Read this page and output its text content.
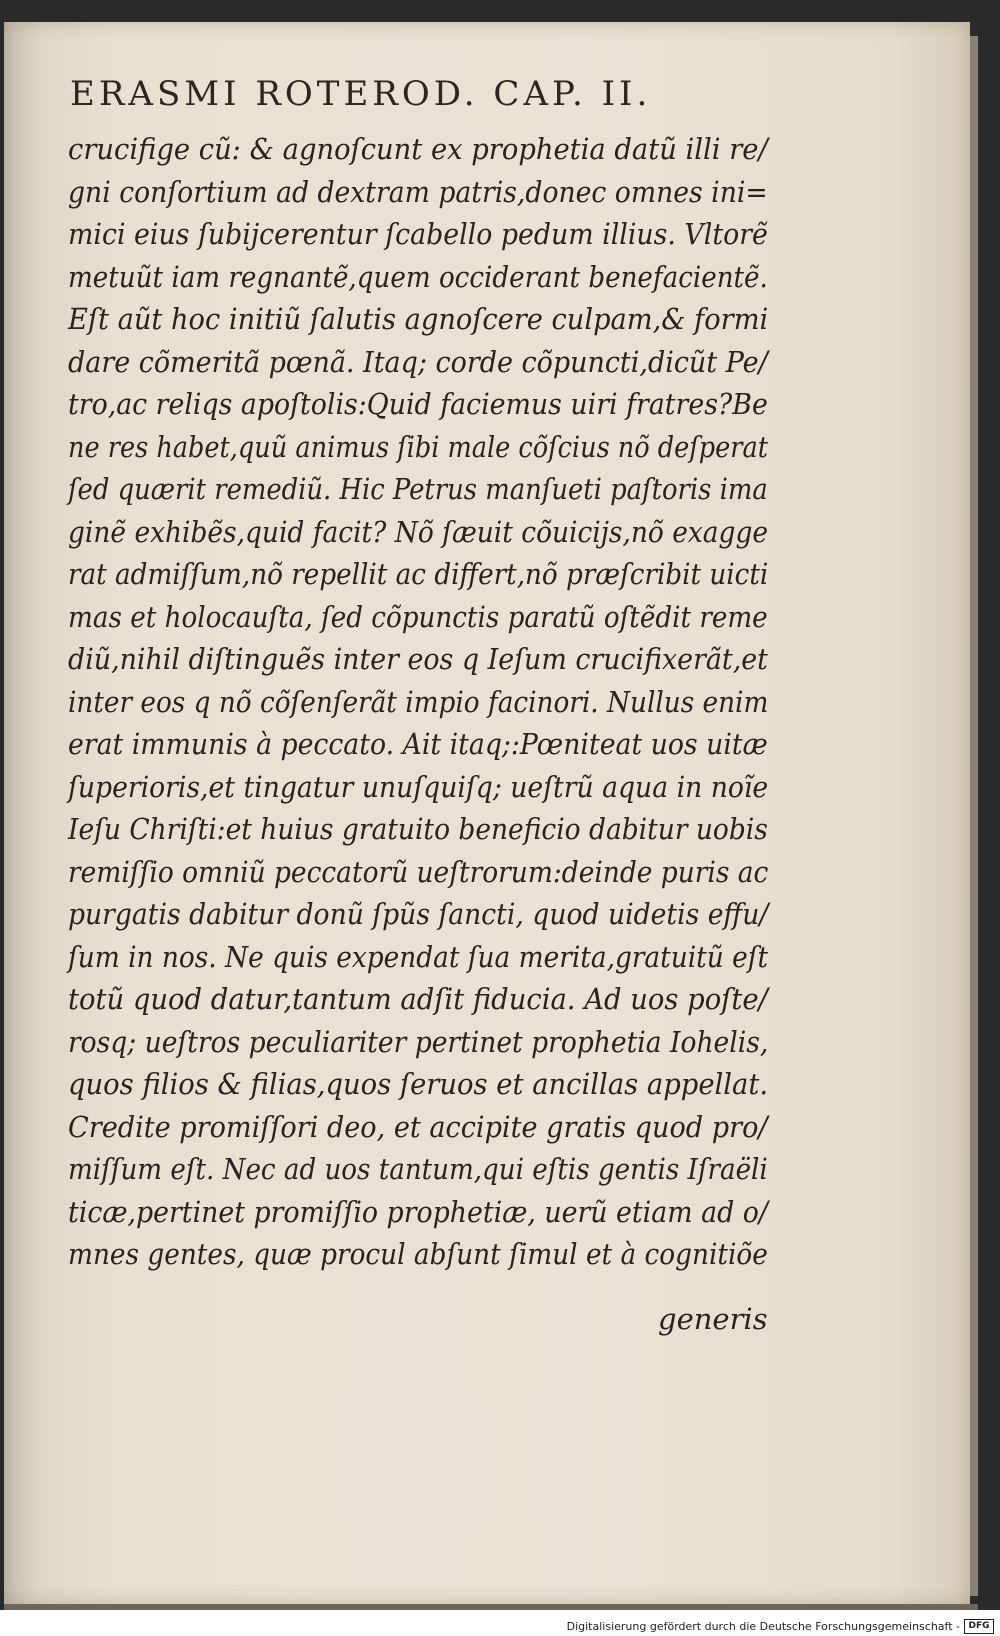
ERASMI ROTEROD. CAP. II.
crucifige cũ: & agnoſcunt ex prophetia datũ illi re/
gni conſortium ad dextram patris,donec omnes ini=
mici eius ſubijcerentur ſcabello pedum illius. Vltorẽ
metuũt iam regnantẽ,quem occiderant benefacientẽ.
Eſt aũt hoc initiũ ſalutis agnoſcere culpam,& formi
dare cõmeritã pœnã. Itaq; corde cõpuncti,dicũt Pe/
tro,ac reliqs apoſtolis:Quid faciemus uiri fratres?Be
ne res habet,quũ animus ſibi male cõſcius nõ deſperat
ſed quærit remediũ. Hic Petrus manſueti paſtoris ima
ginẽ exhibẽs,quid facit? Nõ ſæuit cõuicijs,nõ exagge
rat admiſſum,nõ repellit ac differt,nõ præſcribit uicti
mas et holocauſta, ſed cõpunctis paratũ oſtẽdit reme
diũ,nihil diſtinguẽs inter eos q Ieſum crucifixerãt,et
inter eos q nõ cõſenſerãt impio facinori. Nullus enim
erat immunis à peccato. Ait itaq;:Pœniteat uos uitæ
ſuperioris,et tingatur unuſquiſq; ueſtrũ aqua in noĩe
Ieſu Chriſti:et huius gratuito beneficio dabitur uobis
remiſſio omniũ peccatorũ ueſtrorum:deinde puris ac
purgatis dabitur donũ ſpũs ſancti, quod uidetis effu/
ſum in nos. Ne quis expendat ſua merita,gratuitũ eſt
totũ quod datur,tantum adſit fiducia. Ad uos poſte/
rosq; ueſtros peculiariter pertinet prophetia Iohelis,
quos filios & filias,quos ſeruos et ancillas appellat.
Credite promiſſori deo, et accipite gratis quod pro/
miſſum eſt. Nec ad uos tantum,qui eſtis gentis Iſraëli
ticæ,pertinet promiſſio prophetiæ, uerũ etiam ad o/
mnes gentes, quæ procul abſunt ſimul et à cognitiõe
generis
Digitalisierung gefördert durch die Deutsche Forschungsgemeinschaft - DFG
